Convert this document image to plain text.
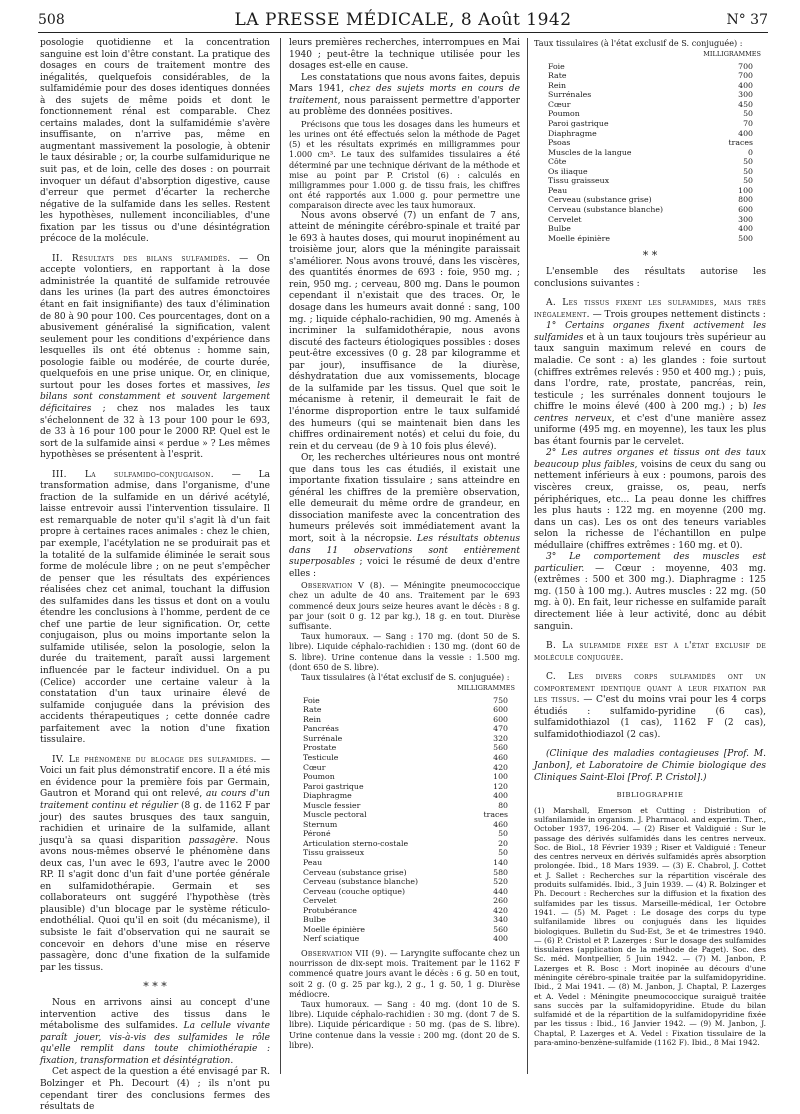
508	LA PRESSE MÉDICALE, 8 Août 1942	N° 37

posologie quotidienne et la concentration sanguine est loin d'être constant. La pratique des dosages en cours de traitement montre des inégalités, quelquefois considérables, de la sulfamidémie pour des doses identiques données à des sujets de même poids et dont le fonctionnement rénal est comparable. Chez certains malades, dont la sulfamidémie s'avère insuffisante, on n'arrive pas, même en augmentant massivement la posologie, à obtenir le taux désirable ; or, la courbe sulfamidurique ne suit pas, et de loin, celle des doses : on pourrait invoquer un défaut d'absorption digestive, cause d'erreur que permet d'écarter la recherche négative de la sulfamide dans les selles. Restent les hypothèses, nullement inconciliables, d'une fixation par les tissus ou d'une désintégration précoce de la molécule.

II. Résultats des bilans sulfamidés. — On accepte volontiers, en rapportant à la dose administrée la quantité de sulfamide retrouvée dans les urines (la part des autres émonctoires étant en fait insignifiante) des taux d'élimination de 80 à 90 pour 100. Ces pourcentages, dont on a abusivement généralisé la signification, valent seulement pour les conditions d'expérience dans lesquelles ils ont été obtenus : homme sain, posologie faible ou modérée, de courte durée, quelquefois en une prise unique. Or, en clinique, surtout pour les doses fortes et massives, les bilans sont constamment et souvent largement déficitaires ; chez nos malades les taux s'échelonnent de 32 à 13 pour 100 pour le 693, de 33 à 16 pour 100 pour le 2000 RP. Quel est le sort de la sulfamide ainsi « perdue » ? Les mêmes hypothèses se présentent à l'esprit.

III. La sulfamido-conjugaison. — La transformation admise, dans l'organisme, d'une fraction de la sulfamide en un dérivé acétylé, laisse entrevoir aussi l'intervention tissulaire. Il est remarquable de noter qu'il s'agit là d'un fait propre à certaines races animales : chez le chien, par exemple, l'acétylation ne se produirait pas et la totalité de la sulfamide éliminée le serait sous forme de molécule libre ; on ne peut s'empêcher de penser que les résultats des expériences réalisées chez cet animal, touchant la diffusion des sulfamides dans les tissus et dont on a voulu étendre les conclusions à l'homme, perdent de ce chef une partie de leur signification. Or, cette conjugaison, plus ou moins importante selon la sulfamide utilisée, selon la posologie, selon la durée du traitement, paraît aussi largement influencée par le facteur individuel. On a pu (Celice) accorder une certaine valeur à la constatation d'un taux urinaire élevé de sulfamide conjuguée dans la prévision des accidents thérapeutiques ; cette donnée cadre parfaitement avec la notion d'une fixation tissulaire.

IV. Le phénomène du blocage des sulfamides. — Voici un fait plus démonstratif encore. Il a été mis en évidence pour la première fois par Germain, Gautron et Morand qui ont relevé, au cours d'un traitement continu et régulier (8 g. de 1162 F par jour) des sautes brusques des taux sanguin, rachidien et urinaire de la sulfamide, allant jusqu'à sa quasi disparition passagère. Nous avons nous-mêmes observé le phénomène dans deux cas, l'un avec le 693, l'autre avec le 2000 RP. Il s'agit donc d'un fait d'une portée générale en sulfamidothérapie. Germain et ses collaborateurs ont suggéré l'hypothèse (très plausible) d'un blocage par le système réticulo-endothélial. Quoi qu'il en soit (du mécanisme), il subsiste le fait d'observation qui ne saurait se concevoir en dehors d'une mise en réserve passagère, donc d'une fixation de la sulfamide par les tissus.

* * *

Nous en arrivons ainsi au concept d'une intervention active des tissus dans le métabolisme des sulfamides. La cellule vivante paraît jouer, vis-à-vis des sulfamides le rôle qu'elle remplit dans toute chimiothérapie : fixation, transformation et désintégration.

Cet aspect de la question a été envisagé par R. Bolzinger et Ph. Decourt (4) ; ils n'ont pu cependant tirer des conclusions fermes des résultats de

leurs premières recherches, interrompues en Mai 1940 ; peut-être la technique utilisée pour les dosages est-elle en cause.

Les constatations que nous avons faites, depuis Mars 1941, chez des sujets morts en cours de traitement, nous paraissent permettre d'apporter au problème des données positives.

Précisons que tous les dosages dans les humeurs et les urines ont été effectués selon la méthode de Paget (5) et les résultats exprimés en milligrammes pour 1.000 cm³. Le taux des sulfamides tissulaires a été déterminé par une technique dérivant de la méthode et mise au point par P. Cristol (6) : calculés en milligrammes pour 1.000 g. de tissu frais, les chiffres ont été rapportés aux 1.000 g. pour permettre une comparaison directe avec les taux humoraux.

Nous avons observé (7) un enfant de 7 ans, atteint de méningite cérébro-spinale et traité par le 693 à hautes doses, qui mourut inopinément au troisième jour, alors que la méningite paraissait s'améliorer. Nous avons trouvé, dans les viscères, des quantités énormes de 693 : foie, 950 mg. ; rein, 950 mg. ; cerveau, 800 mg. Dans le poumon cependant il n'existait que des traces. Or, le dosage dans les humeurs avait donné : sang, 100 mg. ; liquide céphalo-rachidien, 90 mg. Amenés à incriminer la sulfamidothérapie, nous avons discuté des facteurs étiologiques possibles : doses peut-être excessives (0 g. 28 par kilogramme et par jour), insuffisance de la diurèse, déshydratation due aux vomissements, blocage de la sulfamide par les tissus. Quel que soit le mécanisme à retenir, il demeurait le fait de l'énorme disproportion entre le taux sulfamidé des humeurs (qui se maintenait bien dans les chiffres ordinairement notés) et celui du foie, du rein et du cerveau (de 9 à 10 fois plus élevé).

Or, les recherches ultérieures nous ont montré que dans tous les cas étudiés, il existait une importante fixation tissulaire ; sans atteindre en général les chiffres de la première observation, elle demeurait du même ordre de grandeur, en dissociation manifeste avec la concentration des humeurs prélevés soit immédiatement avant la mort, soit à la nécropsie. Les résultats obtenus dans 11 observations sont entièrement superposables ; voici le résumé de deux d'entre elles :

Observation V (8). — Méningite pneumococcique chez un adulte de 40 ans. Traitement par le 693 commencé deux jours seize heures avant le décès : 8 g. par jour (soit 0 g. 12 par kg.), 18 g. en tout. Diurèse suffisante.

Taux humoraux. — Sang : 170 mg. (dont 50 de S. libre). Liquide céphalo-rachidien : 130 mg. (dont 60 de S. libre). Urine contenue dans la vessie : 1.500 mg. (dont 650 de S. libre).

Taux tissulaires (à l'état exclusif de S. conjuguée) :

MILLIGRAMMES
Foie	750
Rate	600
Rein	600
Pancréas	470
Surrénale	320
Prostate	560
Testicule	460
Cœur	420
Poumon	100
Paroi gastrique	120
Diaphragme	400
Muscle fessier	80
Muscle pectoral	traces
Sternum	460
Péroné	50
Articulation sterno-costale	20
Tissu graisseux	50
Peau	140
Cerveau (substance grise)	580
Cerveau (substance blanche)	520
Cerveau (couche optique)	440
Cervelet	260
Protubérance	420
Bulbe	340
Moelle épinière	560
Nerf sciatique	400

Observation VII (9). — Laryngite suffocante chez un nourrisson de dix-sept mois. Traitement par le 1162 F commencé quatre jours avant le décès : 6 g. 50 en tout, soit 2 g. (0 g. 25 par kg.), 2 g., 1 g. 50, 1 g. Diurèse médiocre.

Taux humoraux. — Sang : 40 mg. (dont 10 de S. libre). Liquide céphalo-rachidien : 30 mg. (dont 7 de S. libre). Liquide péricardique : 50 mg. (pas de S. libre). Urine contenue dans la vessie : 200 mg. (dont 20 de S. libre).

Taux tissulaires (à l'état exclusif de S. conjuguée) :

MILLIGRAMMES
Foie	700
Rate	700
Rein	400
Surrénales	300
Cœur	450
Poumon	50
Paroi gastrique	70
Diaphragme	400
Psoas	traces
Muscles de la langue	0
Côte	50
Os iliaque	50
Tissu graisseux	50
Peau	100
Cerveau (substance grise)	800
Cerveau (substance blanche)	600
Cervelet	300
Bulbe	400
Moelle épinière	500
* *

L'ensemble des résultats autorise les conclusions suivantes :

A. Les tissus fixent les sulfamides, mais très inégalement. — Trois groupes nettement distincts :

1° Certains organes fixent activement les sulfamides et à un taux toujours très supérieur au taux sanguin maximum relevé en cours de maladie. Ce sont : a) les glandes : foie surtout (chiffres extrêmes relevés : 950 et 400 mg.) ; puis, dans l'ordre, rate, prostate, pancréas, rein, testicule ; les surrénales donnent toujours le chiffre le moins élevé (400 à 200 mg.) ; b) les centres nerveux, et c'est d'une manière assez uniforme (495 mg. en moyenne), les taux les plus bas étant fournis par le cervelet.

2° Les autres organes et tissus ont des taux beaucoup plus faibles, voisins de ceux du sang ou nettement inférieurs à eux : poumons, parois des viscères creux, graisse, os, peau, nerfs périphériques, etc... La peau donne les chiffres les plus hauts : 122 mg. en moyenne (200 mg. dans un cas). Les os ont des teneurs variables selon la richesse de l'échantillon en pulpe médullaire (chiffres extrêmes : 160 mg. et 0).

3° Le comportement des muscles est particulier. — Cœur : moyenne, 403 mg. (extrêmes : 500 et 300 mg.). Diaphragme : 125 mg. (150 à 100 mg.). Autres muscles : 22 mg. (50 mg. à 0). En fait, leur richesse en sulfamide paraît directement liée à leur activité, donc au débit sanguin.

B. La sulfamide fixée est à l'état exclusif de molécule conjuguée.

C. Les divers corps sulfamidés ont un comportement identique quant à leur fixation par les tissus. — C'est du moins vrai pour les 4 corps étudiés : sulfamido-pyridine (6 cas), sulfamidothiazol (1 cas), 1162 F (2 cas), sulfamidothiodiazol (2 cas).

(Clinique des maladies contagieuses [Prof. M. Janbon], et Laboratoire de Chimie biologique des Cliniques Saint-Eloi [Prof. P. Cristol].)

BIBLIOGRAPHIE

(1) Marshall, Emerson et Cutting : Distribution of sulfanilamide in organism. J. Pharmacol. and experim. Ther., October 1937, 196-204. — (2) Riser et Valdiguié : Sur le passage des dérivés sulfamidés dans les centres nerveux. Soc. de Biol., 18 Février 1939 ; Riser et Valdiguié : Teneur des centres nerveux en dérivés sulfamidés après absorption prolongée. Ibid., 18 Mars 1939. — (3) E. Chabrol, J. Cottet et J. Sallet : Recherches sur la répartition viscérale des produits sulfamidés. Ibid., 3 Juin 1939. — (4) R. Bolzinger et Ph. Decourt : Recherches sur la diffusion et la fixation des sulfamides par les tissus. Marseille-médical, 1er Octobre 1941. — (5) M. Paget : Le dosage des corps du type sulfanilamide libres ou conjugués dans les liquides biologiques. Bulletin du Sud-Est, 3e et 4e trimestres 1940. — (6) P. Cristol et P. Lazerges : Sur le dosage des sulfamides tissulaires (application de la méthode de Paget). Soc. des Sc. méd. Montpellier, 5 Juin 1942. — (7) M. Janbon, P. Lazerges et R. Bosc : Mort inopinée au décours d'une méningite cérébro-spinale traitée par la sulfamidopyridine. Ibid., 2 Mai 1941. — (8) M. Janbon, J. Chaptal, P. Lazerges et A. Vedel : Méningite pneumococcique suraiguë traitée sans succès par la sulfamidopyridine. Etude du bilan sulfamidé et de la répartition de la sulfamidopyridine fixée par les tissus : Ibid., 16 Janvier 1942. — (9) M. Janbon, J. Chaptal, P. Lazerges et A. Vedel : Fixation tissulaire de la para-amino-benzène-sulfamide (1162 F). Ibid., 8 Mai 1942.
